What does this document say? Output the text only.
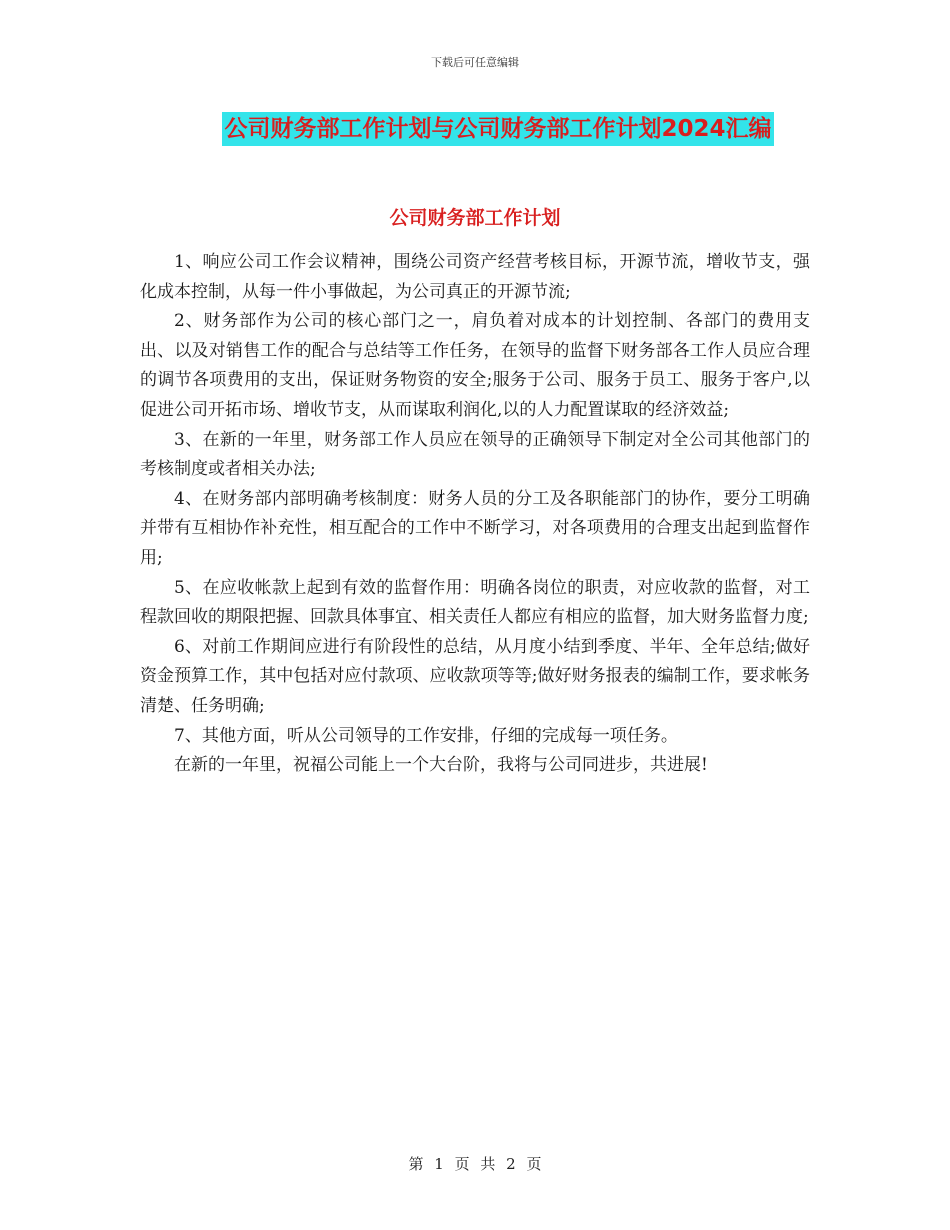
下载后可任意编辑
公司财务部工作计划与公司财务部工作计划2024汇编
公司财务部工作计划

1、响应公司工作会议精神，围绕公司资产经营考核目标，开源节流，增收节支，强化成本控制，从每一件小事做起，为公司真正的开源节流;

2、财务部作为公司的核心部门之一，肩负着对成本的计划控制、各部门的费用支出、以及对销售工作的配合与总结等工作任务，在领导的监督下财务部各工作人员应合理的调节各项费用的支出，保证财务物资的安全;服务于公司、服务于员工、服务于客户,以促进公司开拓市场、增收节支，从而谋取利润化,以的人力配置谋取的经济效益;

3、在新的一年里，财务部工作人员应在领导的正确领导下制定对全公司其他部门的考核制度或者相关办法;

4、在财务部内部明确考核制度：财务人员的分工及各职能部门的协作，要分工明确并带有互相协作补充性，相互配合的工作中不断学习，对各项费用的合理支出起到监督作用;

5、在应收帐款上起到有效的监督作用：明确各岗位的职责，对应收款的监督，对工程款回收的期限把握、回款具体事宜、相关责任人都应有相应的监督，加大财务监督力度;

6、对前工作期间应进行有阶段性的总结，从月度小结到季度、半年、全年总结;做好资金预算工作，其中包括对应付款项、应收款项等等;做好财务报表的编制工作，要求帐务清楚、任务明确;

7、其他方面，听从公司领导的工作安排，仔细的完成每一项任务。

在新的一年里，祝福公司能上一个大台阶，我将与公司同进步，共进展!

第 1 页 共 2 页
